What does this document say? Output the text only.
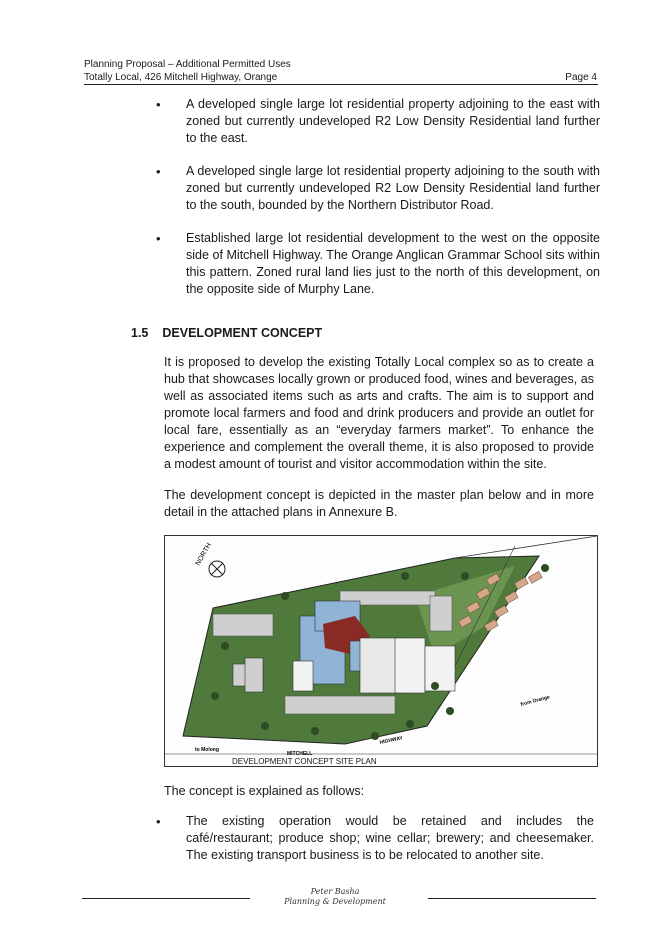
Planning Proposal – Additional Permitted Uses
Totally Local, 426 Mitchell Highway, Orange	Page 4
• A developed single large lot residential property adjoining to the east with zoned but currently undeveloped R2 Low Density Residential land further to the east.
• A developed single large lot residential property adjoining to the south with zoned but currently undeveloped R2 Low Density Residential land further to the south, bounded by the Northern Distributor Road.
• Established large lot residential development to the west on the opposite side of Mitchell Highway. The Orange Anglican Grammar School sits within this pattern. Zoned rural land lies just to the north of this development, on the opposite side of Murphy Lane.
1.5 DEVELOPMENT CONCEPT

It is proposed to develop the existing Totally Local complex so as to create a hub that showcases locally grown or produced food, wines and beverages, as well as associated items such as arts and crafts. The aim is to support and promote local farmers and food and drink producers and provide an outlet for local fare, essentially as an “everyday farmers market”. To enhance the experience and complement the overall theme, it is also proposed to provide a modest amount of tourist and visitor accommodation within the site.

The development concept is depicted in the master plan below and in more detail in the attached plans in Annexure B.

NORTH
to Molong
from Orange
MITCHELL
HIGHWAY
DEVELOPMENT CONCEPT SITE PLAN

The concept is explained as follows:

• The existing operation would be retained and includes the café/restaurant; produce shop; wine cellar; brewery; and cheesemaker. The existing transport business is to be relocated to another site.
Peter Basha
Planning & Development
